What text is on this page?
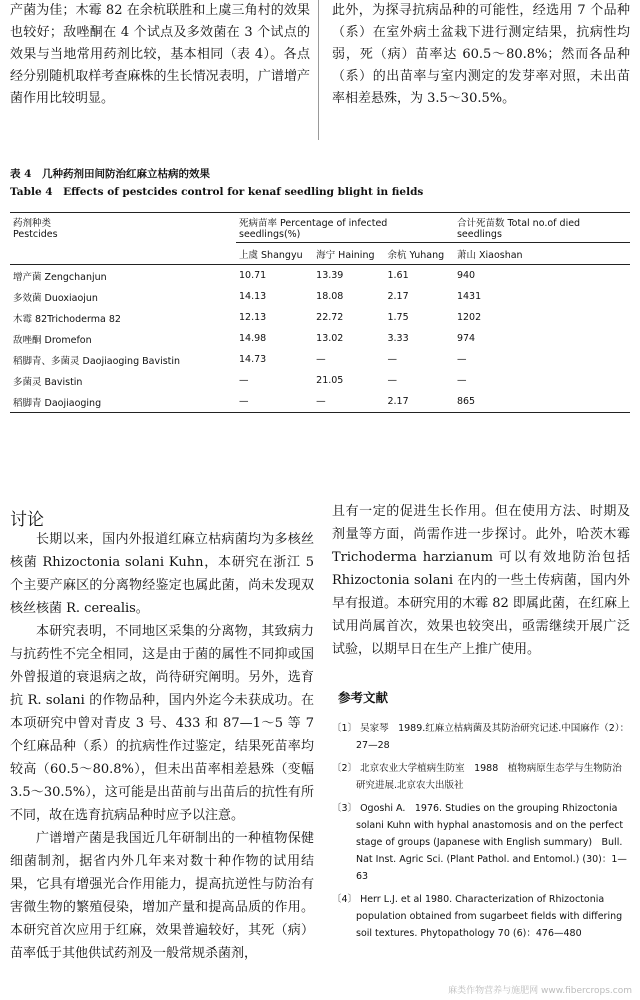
产菌为佳；木霉 82 在余杭联胜和上虞三角村的效果也较好；敌唑酮在 4 个试点及多效菌在 3 个试点的效果与当地常用药剂比较，基本相同（表 4）。各点经分别随机取样考查麻株的生长情况表明，广谱增产菌作用比较明显。

此外，为探寻抗病品种的可能性，经选用 7 个品种（系）在室外病土盆栽下进行测定结果，抗病性均弱，死（病）苗率达 60.5～80.8%；然而各品种（系）的出苗率与室内测定的发芽率对照，未出苗率相差悬殊，为 3.5～30.5%。

表 4　几种药剂田间防治红麻立枯病的效果
Table 4　Effects of pestcides control for kenaf seedling blight in fields
药剂种类
Pestcides	死病苗率 Percentage of infected seedlings(%)			合计死苗数 Total no.of died seedlings
	上虞 Shangyu	海宁 Haining	余杭 Yuhang	萧山 Xiaoshan
增产菌 Zengchanjun	10.71	13.39	1.61	940
多效菌 Duoxiaojun	14.13	18.08	2.17	1431
木霉 82Trichoderma 82	12.13	22.72	1.75	1202
敌唑酮 Dromefon	14.98	13.02	3.33	974
稻脚青、多菌灵 Daojiaoging Bavistin	14.73	—	—	—
多菌灵 Bavistin	—	21.05	—	—
稻脚青 Daojiaoging	—	—	2.17	865
讨论

长期以来，国内外报道红麻立枯病菌均为多核丝核菌 Rhizoctonia solani Kuhn，本研究在浙江 5 个主要产麻区的分离物经鉴定也属此菌，尚未发现双核丝核菌 R. cerealis。

本研究表明，不同地区采集的分离物，其致病力与抗药性不完全相同，这是由于菌的属性不同抑或国外曾报道的衰退病之故，尚待研究阐明。另外，选育抗 R. solani 的作物品种，国内外迄今未获成功。在本项研究中曾对青皮 3 号、433 和 87—1～5 等 7 个红麻品种（系）的抗病性作过鉴定，结果死苗率均较高（60.5～80.8%），但未出苗率相差悬殊（变幅 3.5～30.5%），这可能是出苗前与出苗后的抗性有所不同，故在选育抗病品种时应予以注意。

广谱增产菌是我国近几年研制出的一种植物保健细菌制剂，据省内外几年来对数十种作物的试用结果，它具有增强光合作用能力，提高抗逆性与防治有害微生物的繁殖侵染，增加产量和提高品质的作用。本研究首次应用于红麻，效果普遍较好，其死（病）苗率低于其他供试药剂及一般常规杀菌剂，

且有一定的促进生长作用。但在使用方法、时期及剂量等方面，尚需作进一步探讨。此外，哈茨木霉 Trichoderma harzianum 可以有效地防治包括 Rhizoctonia solani 在内的一些土传病菌，国内外早有报道。本研究用的木霉 82 即属此菌，在红麻上试用尚属首次，效果也较突出，亟需继续开展广泛试验，以期早日在生产上推广使用。

参考文献

〔1〕 吴家琴　1989.红麻立枯病菌及其防治研究记述.中国麻作（2）：27—28

〔2〕 北京农业大学植病生防室　1988　植物病原生态学与生物防治研究进展.北京农大出版社

〔3〕 Ogoshi A.　1976. Studies on the grouping Rhizoctonia solani Kuhn with hyphal anastomosis and on the perfect stage of groups (Japanese with English summary)　Bull. Nat Inst. Agric Sci. (Plant Pathol. and Entomol.) (30)：1—63

〔4〕 Herr L.J. et al 1980. Characterization of Rhizoctonia population obtained from sugarbeet fields with differing soil textures. Phytopathology 70 (6)：476—480

麻类作物营养与施肥网 www.fibercrops.com
